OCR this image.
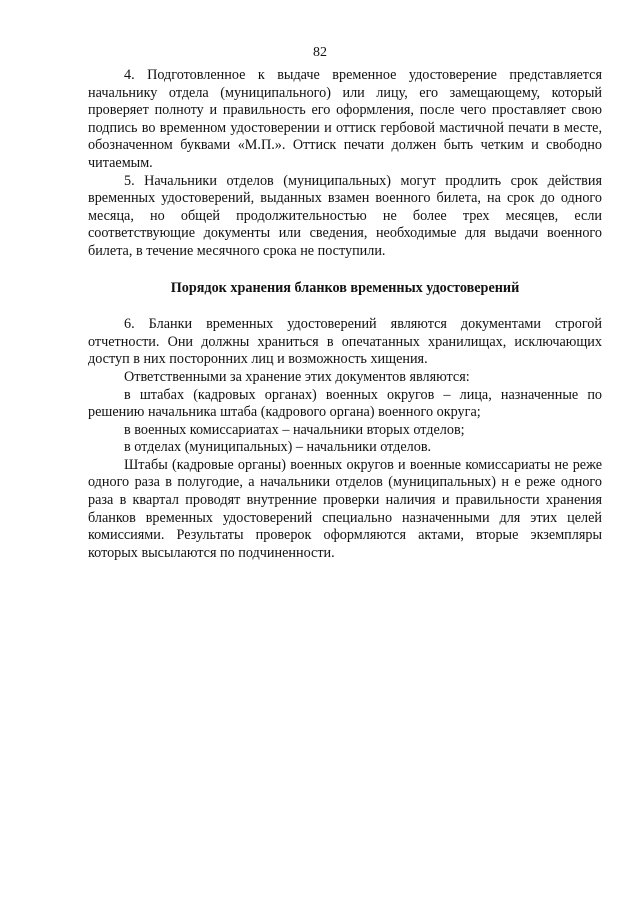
82

4. Подготовленное к выдаче временное удостоверение представляется начальнику отдела (муниципального) или лицу, его замещающему, который проверяет полноту и правильность его оформления, после чего проставляет свою подпись во временном удостоверении и оттиск гербовой мастичной печати в месте, обозначенном буквами «М.П.». Оттиск печати должен быть четким и свободно читаемым.

5. Начальники отделов (муниципальных) могут продлить срок действия временных удостоверений, выданных взамен военного билета, на срок до одного месяца, но общей продолжительностью не более трех месяцев, если соответствующие документы или сведения, необходимые для выдачи военного билета, в течение месячного срока не поступили.

Порядок хранения бланков временных удостоверений

6. Бланки временных удостоверений являются документами строгой отчетности. Они должны храниться в опечатанных хранилищах, исключающих доступ в них посторонних лиц и возможность хищения.

Ответственными за хранение этих документов являются:

в штабах (кадровых органах) военных округов – лица, назначенные по решению начальника штаба (кадрового органа) военного округа;

в военных комиссариатах – начальники вторых отделов;

в отделах (муниципальных) – начальники отделов.

Штабы (кадровые органы) военных округов и военные комиссариаты не реже одного раза в полугодие, а начальники отделов (муниципальных) н е реже одного раза в квартал проводят внутренние проверки наличия и правильности хранения бланков временных удостоверений специально назначенными для этих целей комиссиями. Результаты проверок оформляются актами, вторые экземпляры которых высылаются по подчиненности.
